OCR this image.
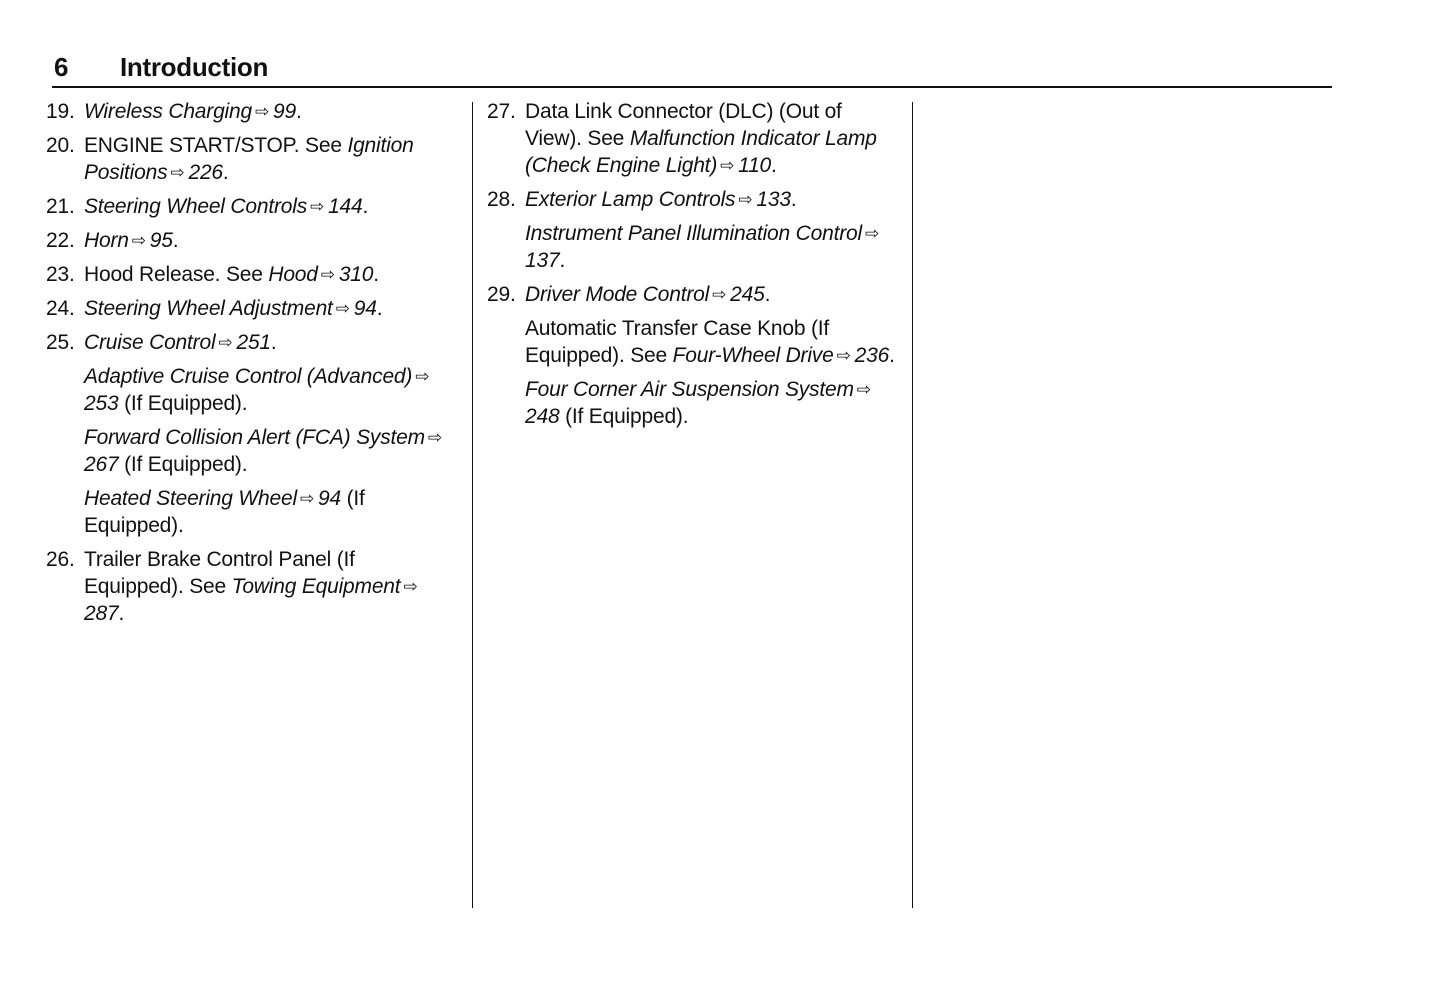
6 Introduction
19. Wireless Charging ⇨ 99.
20. ENGINE START/STOP. See Ignition Positions ⇨ 226.
21. Steering Wheel Controls ⇨ 144.
22. Horn ⇨ 95.
23. Hood Release. See Hood ⇨ 310.
24. Steering Wheel Adjustment ⇨ 94.
25. Cruise Control ⇨ 251.
Adaptive Cruise Control (Advanced) ⇨253 (If Equipped).
Forward Collision Alert (FCA) System ⇨267 (If Equipped).
Heated Steering Wheel ⇨ 94 (If Equipped).
26. Trailer Brake Control Panel (If Equipped). See Towing Equipment ⇨287.
27. Data Link Connector (DLC) (Out of View). See Malfunction Indicator Lamp (Check Engine Light) ⇨ 110.
28. Exterior Lamp Controls ⇨ 133.
Instrument Panel Illumination Control ⇨137.
29. Driver Mode Control ⇨ 245.
Automatic Transfer Case Knob (If Equipped). See Four-Wheel Drive ⇨ 236.
Four Corner Air Suspension System ⇨248 (If Equipped).
